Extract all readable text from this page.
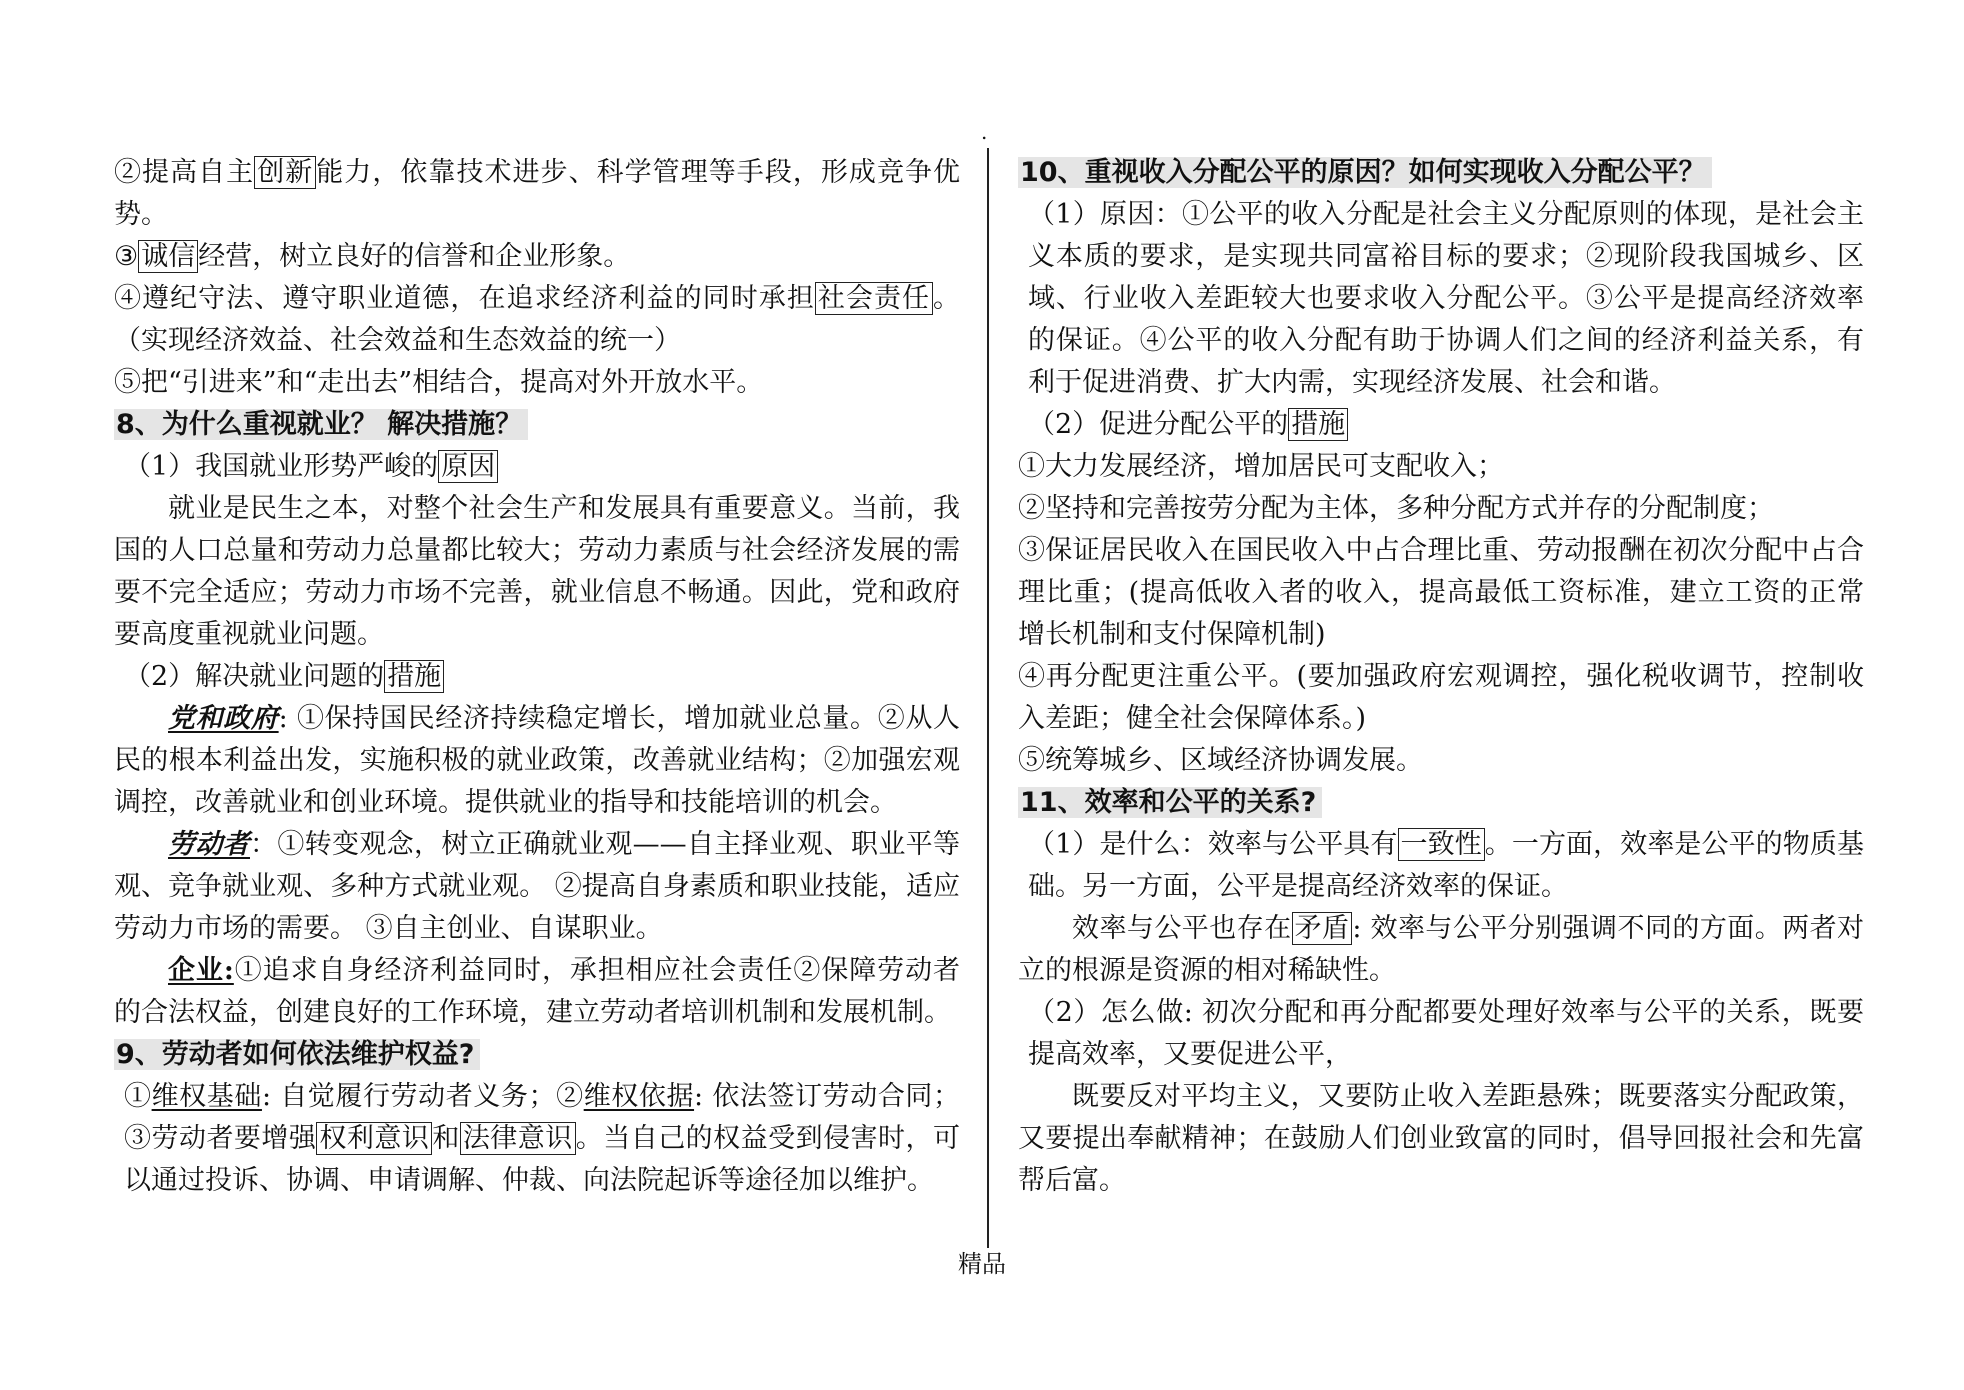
.

②提高自主 创新 能力，依靠技术进步、科学管理等手段，形成竞争优势。

③ 诚信 经营，树立良好的信誉和企业形象。

④遵纪守法、遵守职业道德，在追求经济利益的同时承担 社会责任 。（实现经济效益、社会效益和生态效益的统一）

⑤把“引进来”和“走出去”相结合，提高对外开放水平。

8、为什么重视就业？ 解决措施？

（1）我国就业形势严峻的 原因

就业是民生之本，对整个社会生产和发展具有重要意义。当前，我国的人口总量和劳动力总量都比较大；劳动力素质与社会经济发展的需要不完全适应；劳动力市场不完善，就业信息不畅通。因此，党和政府要高度重视就业问题。

（2）解决就业问题的 措施

党和政府: ①保持国民经济持续稳定增长，增加就业总量。②从人民的根本利益出发，实施积极的就业政策，改善就业结构；②加强宏观调控，改善就业和创业环境。提供就业的指导和技能培训的机会。

劳动者：①转变观念，树立正确就业观——自主择业观、职业平等观、竞争就业观、多种方式就业观。 ②提高自身素质和职业技能，适应劳动力市场的需要。 ③自主创业、自谋职业。

企业:①追求自身经济利益同时，承担相应社会责任②保障劳动者的合法权益，创建良好的工作环境，建立劳动者培训机制和发展机制。

9、劳动者如何依法维护权益?

①维权基础: 自觉履行劳动者义务；②维权依据: 依法签订劳动合同；③劳动者要增强 权利意识 和 法律意识 。当自己的权益受到侵害时，可以通过投诉、协调、申请调解、仲裁、向法院起诉等途径加以维护。

10、重视收入分配公平的原因？如何实现收入分配公平？

（1）原因：①公平的收入分配是社会主义分配原则的体现，是社会主义本质的要求，是实现共同富裕目标的要求；②现阶段我国城乡、区域、行业收入差距较大也要求收入分配公平。③公平是提高经济效率的保证。④公平的收入分配有助于协调人们之间的经济利益关系，有利于促进消费、扩大内需，实现经济发展、社会和谐。

（2）促进分配公平的 措施

①大力发展经济，增加居民可支配收入；

②坚持和完善按劳分配为主体，多种分配方式并存的分配制度；

③保证居民收入在国民收入中占合理比重、劳动报酬在初次分配中占合理比重；(提高低收入者的收入，提高最低工资标准，建立工资的正常增长机制和支付保障机制)

④再分配更注重公平。(要加强政府宏观调控，强化税收调节，控制收入差距；健全社会保障体系。)

⑤统筹城乡、区域经济协调发展。

11、效率和公平的关系?

（1）是什么：效率与公平具有 一致性 。一方面，效率是公平的物质基础。另一方面，公平是提高经济效率的保证。

效率与公平也存在 矛盾 : 效率与公平分别强调不同的方面。两者对立的根源是资源的相对稀缺性。

（2）怎么做: 初次分配和再分配都要处理好效率与公平的关系，既要提高效率，又要促进公平，

既要反对平均主义，又要防止收入差距悬殊；既要落实分配政策，又要提出奉献精神；在鼓励人们创业致富的同时，倡导回报社会和先富帮后富。

精品
